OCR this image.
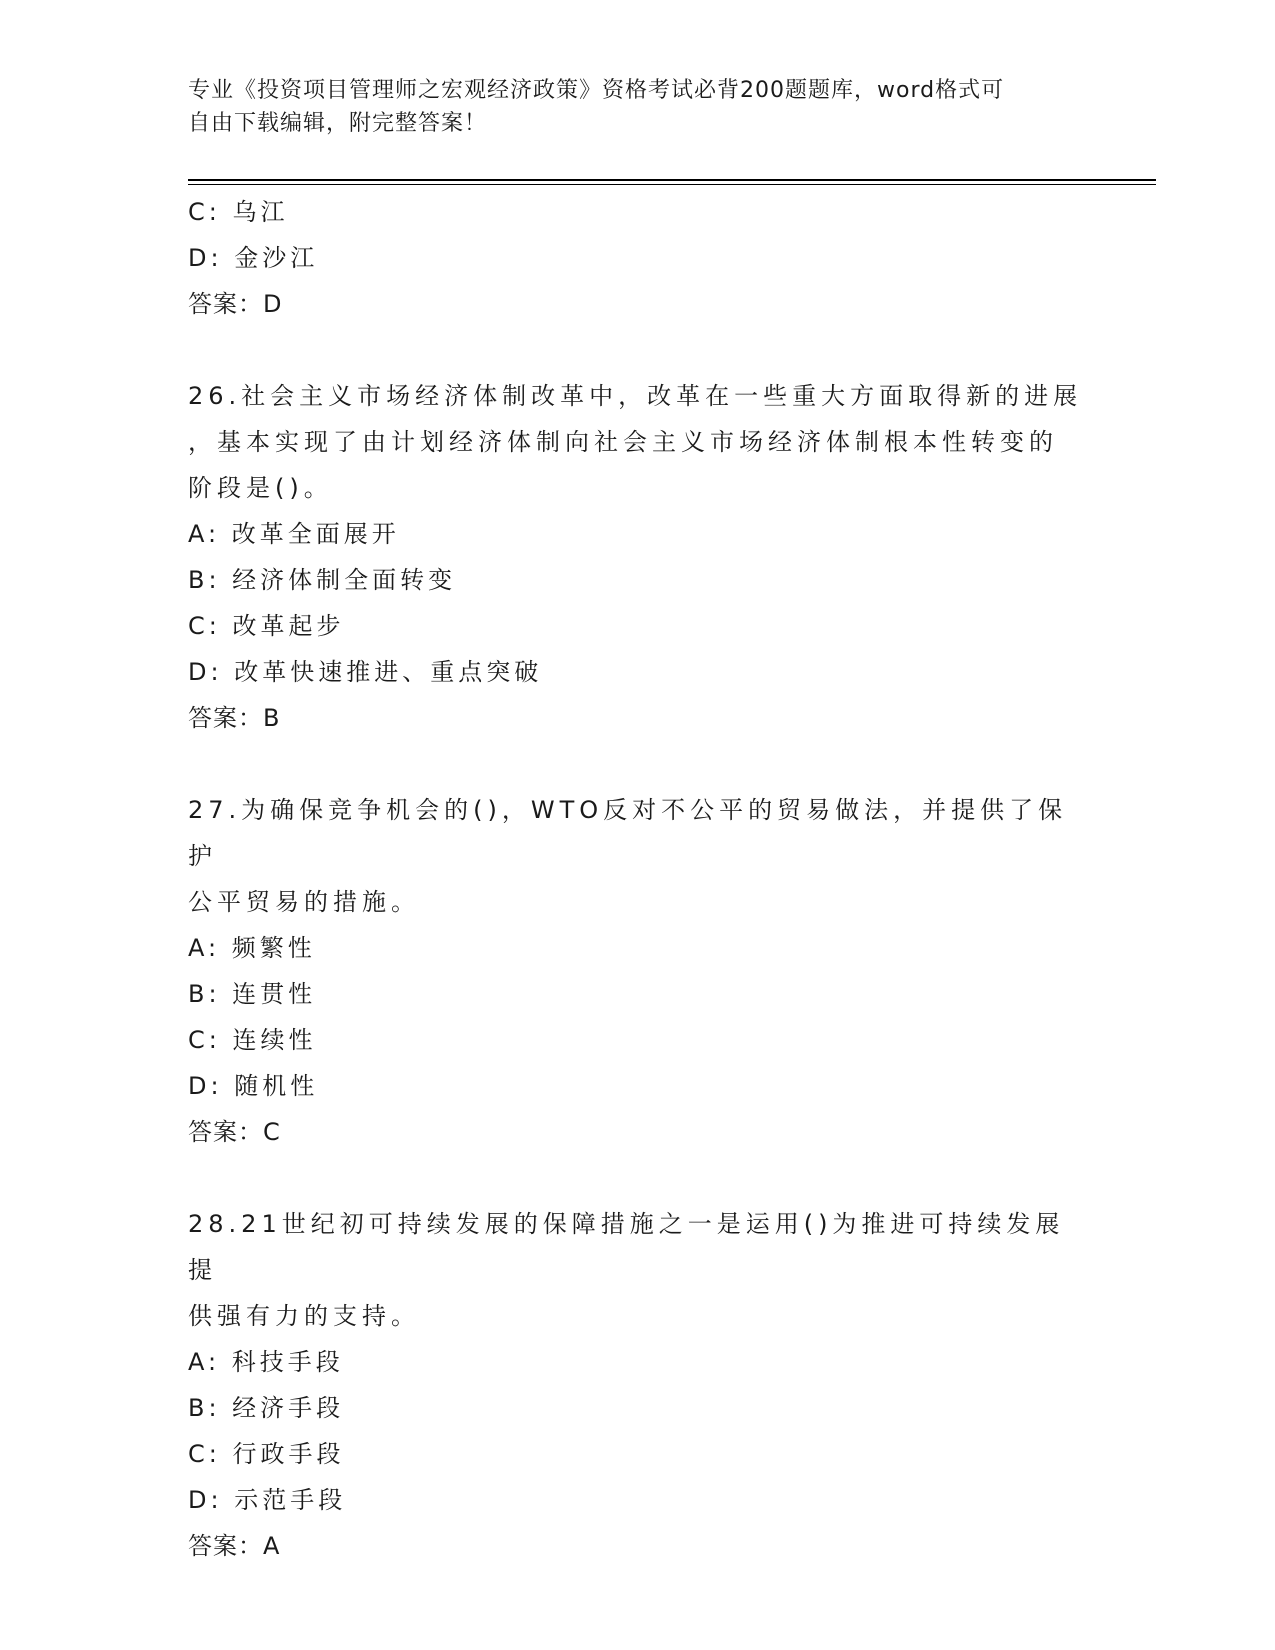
专业《投资项目管理师之宏观经济政策》资格考试必背200题题库，word格式可
自由下载编辑，附完整答案！
C: 乌江
D: 金沙江
答案：D
26.社会主义市场经济体制改革中，改革在一些重大方面取得新的进展
，基本实现了由计划经济体制向社会主义市场经济体制根本性转变的
阶段是()。
A: 改革全面展开
B: 经济体制全面转变
C: 改革起步
D: 改革快速推进、重点突破
答案：B
27.为确保竞争机会的()，WTO反对不公平的贸易做法，并提供了保护
公平贸易的措施。
A: 频繁性
B: 连贯性
C: 连续性
D: 随机性
答案：C
28.21世纪初可持续发展的保障措施之一是运用()为推进可持续发展提
供强有力的支持。
A: 科技手段
B: 经济手段
C: 行政手段
D: 示范手段
答案：A
